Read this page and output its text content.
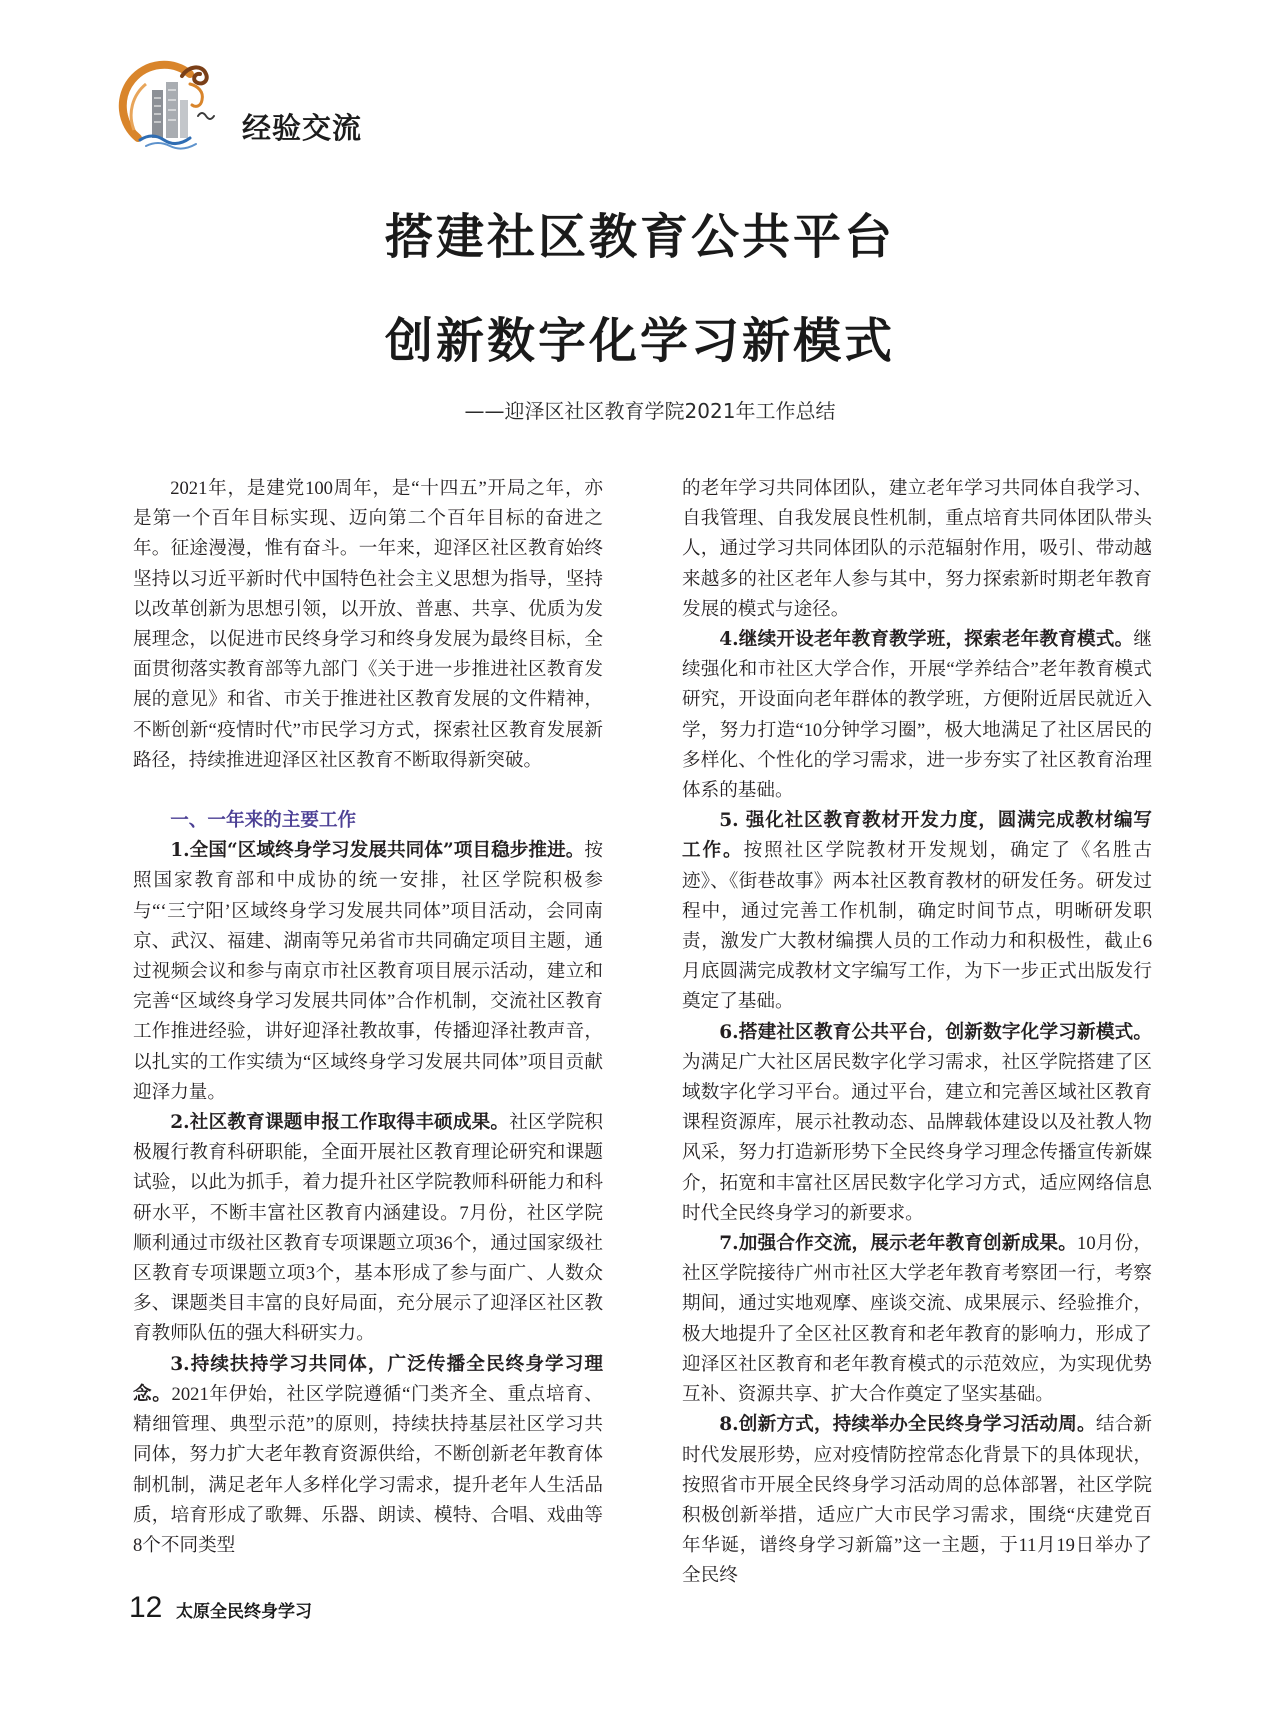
经验交流
搭建社区教育公共平台
创新数字化学习新模式
——迎泽区社区教育学院2021年工作总结

2021年，是建党100周年，是“十四五”开局之年，亦是第一个百年目标实现、迈向第二个百年目标的奋进之年。征途漫漫，惟有奋斗。一年来，迎泽区社区教育始终坚持以习近平新时代中国特色社会主义思想为指导，坚持以改革创新为思想引领，以开放、普惠、共享、优质为发展理念，以促进市民终身学习和终身发展为最终目标，全面贯彻落实教育部等九部门《关于进一步推进社区教育发展的意见》和省、市关于推进社区教育发展的文件精神，不断创新“疫情时代”市民学习方式，探索社区教育发展新路径，持续推进迎泽区社区教育不断取得新突破。

一、一年来的主要工作

1.全国“区域终身学习发展共同体”项目稳步推进。按照国家教育部和中成协的统一安排，社区学院积极参与“‘三宁阳’区域终身学习发展共同体”项目活动，会同南京、武汉、福建、湖南等兄弟省市共同确定项目主题，通过视频会议和参与南京市社区教育项目展示活动，建立和完善“区域终身学习发展共同体”合作机制，交流社区教育工作推进经验，讲好迎泽社教故事，传播迎泽社教声音，以扎实的工作实绩为“区域终身学习发展共同体”项目贡献迎泽力量。

2.社区教育课题申报工作取得丰硕成果。社区学院积极履行教育科研职能，全面开展社区教育理论研究和课题试验，以此为抓手，着力提升社区学院教师科研能力和科研水平，不断丰富社区教育内涵建设。7月份，社区学院顺利通过市级社区教育专项课题立项36个，通过国家级社区教育专项课题立项3个，基本形成了参与面广、人数众多、课题类目丰富的良好局面，充分展示了迎泽区社区教育教师队伍的强大科研实力。

3.持续扶持学习共同体，广泛传播全民终身学习理念。2021年伊始，社区学院遵循“门类齐全、重点培育、精细管理、典型示范”的原则，持续扶持基层社区学习共同体，努力扩大老年教育资源供给，不断创新老年教育体制机制，满足老年人多样化学习需求，提升老年人生活品质，培育形成了歌舞、乐器、朗读、模特、合唱、戏曲等8个不同类型

的老年学习共同体团队，建立老年学习共同体自我学习、自我管理、自我发展良性机制，重点培育共同体团队带头人，通过学习共同体团队的示范辐射作用，吸引、带动越来越多的社区老年人参与其中，努力探索新时期老年教育发展的模式与途径。

4.继续开设老年教育教学班，探索老年教育模式。继续强化和市社区大学合作，开展“学养结合”老年教育模式研究，开设面向老年群体的教学班，方便附近居民就近入学，努力打造“10分钟学习圈”，极大地满足了社区居民的多样化、个性化的学习需求，进一步夯实了社区教育治理体系的基础。

5. 强化社区教育教材开发力度，圆满完成教材编写工作。按照社区学院教材开发规划，确定了《名胜古迹》、《街巷故事》两本社区教育教材的研发任务。研发过程中，通过完善工作机制，确定时间节点，明晰研发职责，激发广大教材编撰人员的工作动力和积极性，截止6月底圆满完成教材文字编写工作，为下一步正式出版发行奠定了基础。

6.搭建社区教育公共平台，创新数字化学习新模式。为满足广大社区居民数字化学习需求，社区学院搭建了区域数字化学习平台。通过平台，建立和完善区域社区教育课程资源库，展示社教动态、品牌载体建设以及社教人物风采，努力打造新形势下全民终身学习理念传播宣传新媒介，拓宽和丰富社区居民数字化学习方式，适应网络信息时代全民终身学习的新要求。

7.加强合作交流，展示老年教育创新成果。10月份，社区学院接待广州市社区大学老年教育考察团一行，考察期间，通过实地观摩、座谈交流、成果展示、经验推介，极大地提升了全区社区教育和老年教育的影响力，形成了迎泽区社区教育和老年教育模式的示范效应，为实现优势互补、资源共享、扩大合作奠定了坚实基础。

8.创新方式，持续举办全民终身学习活动周。结合新时代发展形势，应对疫情防控常态化背景下的具体现状，按照省市开展全民终身学习活动周的总体部署，社区学院积极创新举措，适应广大市民学习需求，围绕“庆建党百年华诞，谱终身学习新篇”这一主题，于11月19日举办了全民终

12 太原全民终身学习
